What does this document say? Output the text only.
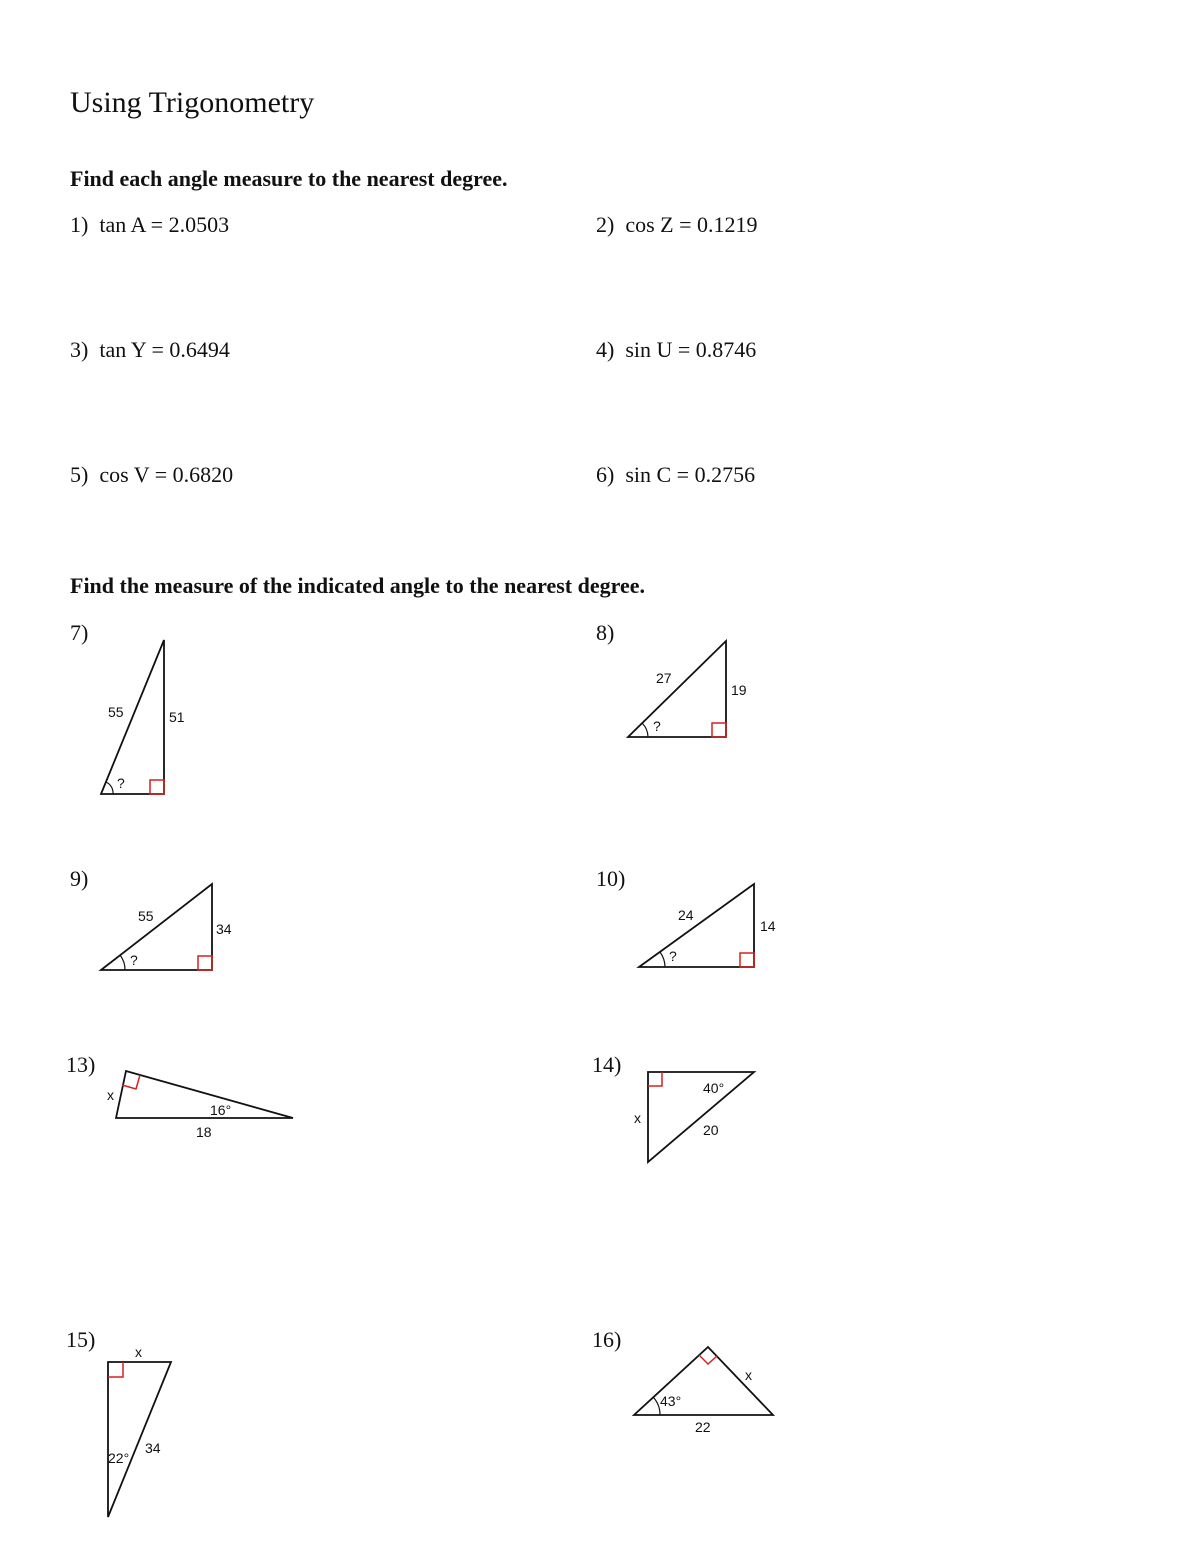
Using Trigonometry
Find each angle measure to the nearest degree.
1) tan A = 2.0503	2) cos Z = 0.1219
3) tan Y = 0.6494	4) sin U = 0.8746
5) cos V = 0.6820	6) sin C = 0.2756
Find the measure of the indicated angle to the nearest degree.
7)	8)
9)	10)
13)	14)
15)	16)
55	51
?
27
19
?
55
34
?
24
14
?
x
16°
18
x
40°
20
x
22°
34
x
43°
22
